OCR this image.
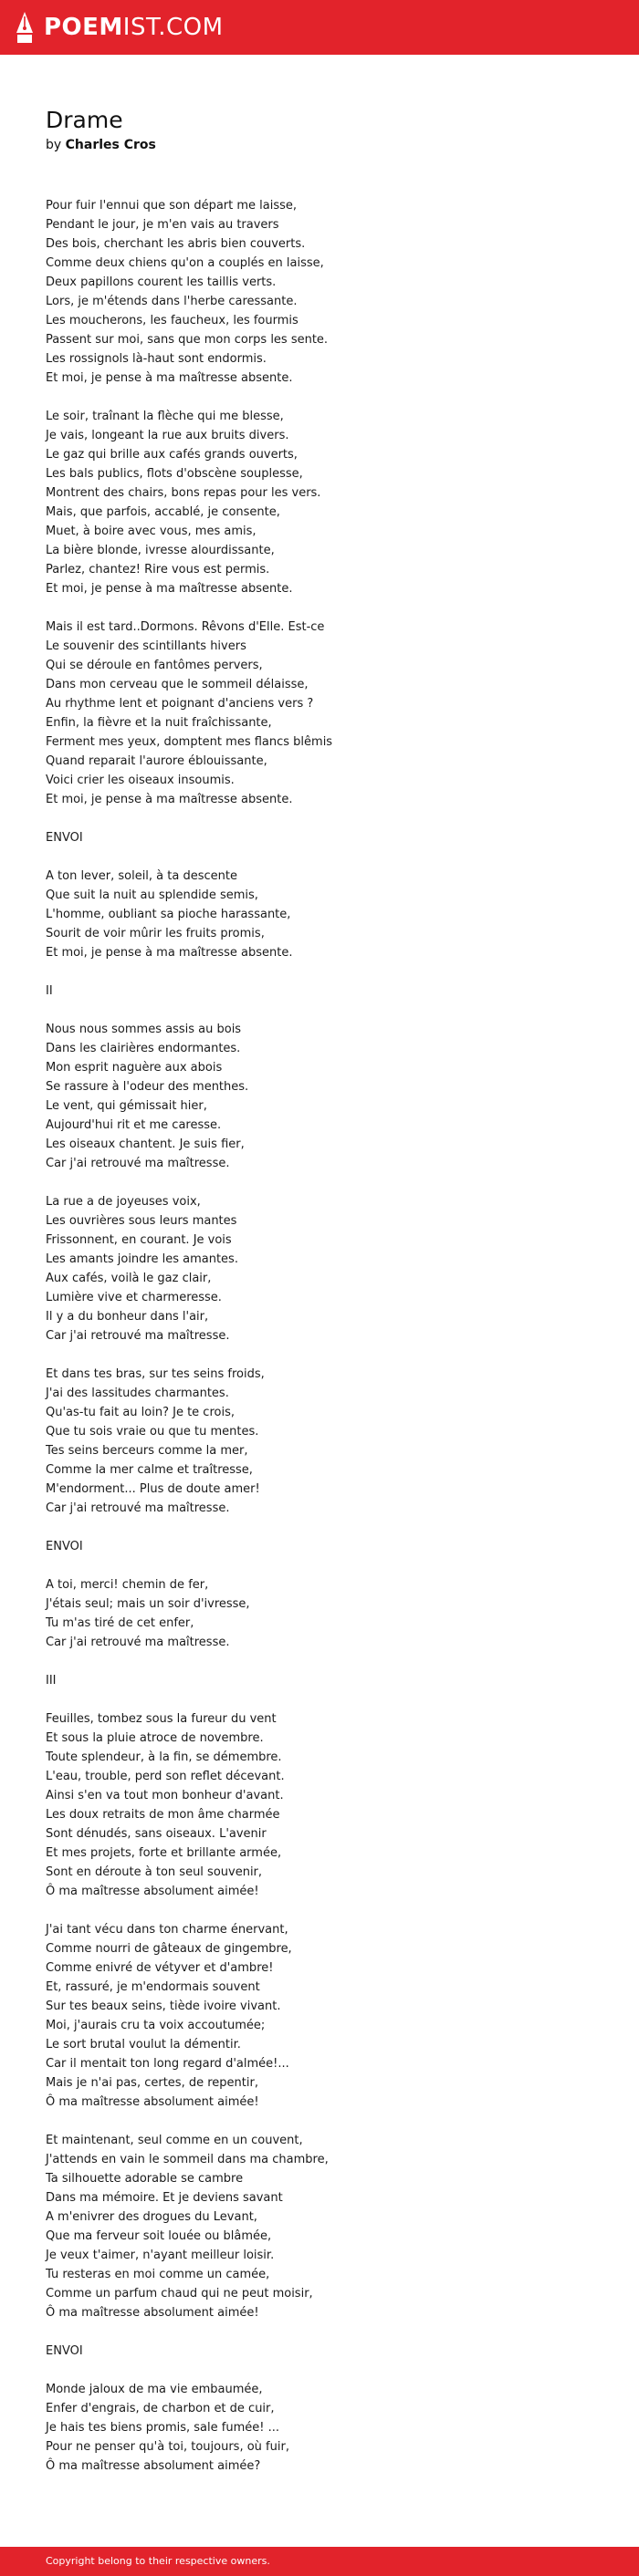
POEMIST.COM
Drame
by Charles Cros
Pour fuir l'ennui que son départ me laisse,
Pendant le jour, je m'en vais au travers
Des bois, cherchant les abris bien couverts.
Comme deux chiens qu'on a couplés en laisse,
Deux papillons courent les taillis verts.
Lors, je m'étends dans l'herbe caressante.
Les moucherons, les faucheux, les fourmis
Passent sur moi, sans que mon corps les sente.
Les rossignols là-haut sont endormis.
Et moi, je pense à ma maîtresse absente.
Le soir, traînant la flèche qui me blesse,
Je vais, longeant la rue aux bruits divers.
Le gaz qui brille aux cafés grands ouverts,
Les bals publics, flots d'obscène souplesse,
Montrent des chairs, bons repas pour les vers.
Mais, que parfois, accablé, je consente,
Muet, à boire avec vous, mes amis,
La bière blonde, ivresse alourdissante,
Parlez, chantez! Rire vous est permis.
Et moi, je pense à ma maîtresse absente.
Mais il est tard..Dormons. Rêvons d'Elle. Est-ce
Le souvenir des scintillants hivers
Qui se déroule en fantômes pervers,
Dans mon cerveau que le sommeil délaisse,
Au rhythme lent et poignant d'anciens vers ?
Enfin, la fièvre et la nuit fraîchissante,
Ferment mes yeux, domptent mes flancs blêmis
Quand reparait l'aurore éblouissante,
Voici crier les oiseaux insoumis.
Et moi, je pense à ma maîtresse absente.
ENVOI
A ton lever, soleil, à ta descente
Que suit la nuit au splendide semis,
L'homme, oubliant sa pioche harassante,
Sourit de voir mûrir les fruits promis,
Et moi, je pense à ma maîtresse absente.
II
Nous nous sommes assis au bois
Dans les clairières endormantes.
Mon esprit naguère aux abois
Se rassure à l'odeur des menthes.
Le vent, qui gémissait hier,
Aujourd'hui rit et me caresse.
Les oiseaux chantent. Je suis fier,
Car j'ai retrouvé ma maîtresse.
La rue a de joyeuses voix,
Les ouvrières sous leurs mantes
Frissonnent, en courant. Je vois
Les amants joindre les amantes.
Aux cafés, voilà le gaz clair,
Lumière vive et charmeresse.
Il y a du bonheur dans l'air,
Car j'ai retrouvé ma maîtresse.
Et dans tes bras, sur tes seins froids,
J'ai des lassitudes charmantes.
Qu'as-tu fait au loin? Je te crois,
Que tu sois vraie ou que tu mentes.
Tes seins berceurs comme la mer,
Comme la mer calme et traîtresse,
M'endorment... Plus de doute amer!
Car j'ai retrouvé ma maîtresse.
ENVOI
A toi, merci! chemin de fer,
J'étais seul; mais un soir d'ivresse,
Tu m'as tiré de cet enfer,
Car j'ai retrouvé ma maîtresse.
III
Feuilles, tombez sous la fureur du vent
Et sous la pluie atroce de novembre.
Toute splendeur, à la fin, se démembre.
L'eau, trouble, perd son reflet décevant.
Ainsi s'en va tout mon bonheur d'avant.
Les doux retraits de mon âme charmée
Sont dénudés, sans oiseaux. L'avenir
Et mes projets, forte et brillante armée,
Sont en déroute à ton seul souvenir,
Ô ma maîtresse absolument aimée!
J'ai tant vécu dans ton charme énervant,
Comme nourri de gâteaux de gingembre,
Comme enivré de vétyver et d'ambre!
Et, rassuré, je m'endormais souvent
Sur tes beaux seins, tiède ivoire vivant.
Moi, j'aurais cru ta voix accoutumée;
Le sort brutal voulut la démentir.
Car il mentait ton long regard d'almée!...
Mais je n'ai pas, certes, de repentir,
Ô ma maîtresse absolument aimée!
Et maintenant, seul comme en un couvent,
J'attends en vain le sommeil dans ma chambre,
Ta silhouette adorable se cambre
Dans ma mémoire. Et je deviens savant
A m'enivrer des drogues du Levant,
Que ma ferveur soit louée ou blâmée,
Je veux t'aimer, n'ayant meilleur loisir.
Tu resteras en moi comme un camée,
Comme un parfum chaud qui ne peut moisir,
Ô ma maîtresse absolument aimée!
ENVOI
Monde jaloux de ma vie embaumée,
Enfer d'engrais, de charbon et de cuir,
Je hais tes biens promis, sale fumée! ...
Pour ne penser qu'à toi, toujours, où fuir,
Ô ma maîtresse absolument aimée?
Copyright belong to their respective owners.
